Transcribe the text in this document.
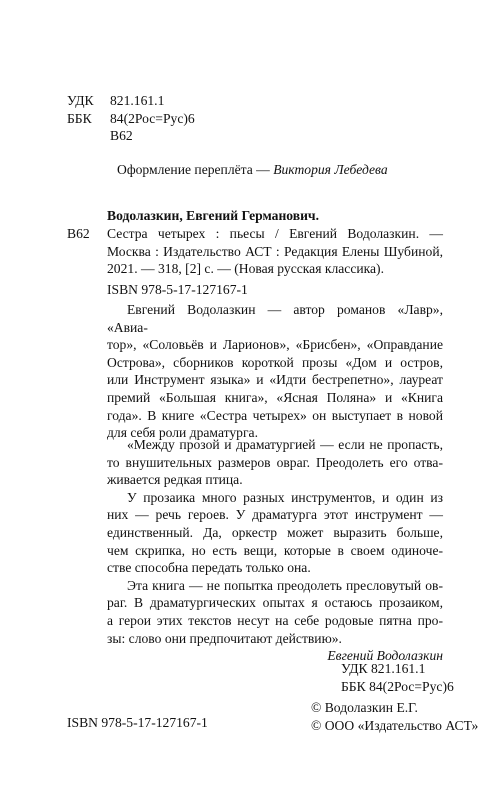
УДК 821.161.1
ББК 84(2Рос=Рус)6
В62
Оформление переплёта — Виктория Лебедева
Водолазкин, Евгений Германович.
В62 Сестра четырех : пьесы / Евгений Водолазкин. —
Москва : Издательство АСТ : Редакция Елены Шубиной,
2021. — 318, [2] с. — (Новая русская классика).
ISBN 978-5-17-127167-1
Евгений Водолазкин — автор романов «Лавр», «Авиа-
тор», «Соловьёв и Ларионов», «Брисбен», «Оправдание
Острова», сборников короткой прозы «Дом и остров,
или Инструмент языка» и «Идти бестрепетно», лауреат
премий «Большая книга», «Ясная Поляна» и «Книга
года». В книге «Сестра четырех» он выступает в новой
для себя роли драматурга.
«Между прозой и драматургией — если не пропасть,
то внушительных размеров овраг. Преодолеть его отва-
живается редкая птица.
У прозаика много разных инструментов, и один из
них — речь героев. У драматурга этот инструмент —
единственный. Да, оркестр может выразить больше,
чем скрипка, но есть вещи, которые в своем одиноче-
стве способна передать только она.
Эта книга — не попытка преодолеть пресловутый ов-
раг. В драматургических опытах я остаюсь прозаиком,
а герои этих текстов несут на себе родовые пятна про-
зы: слово они предпочитают действию».
Евгений Водолазкин
УДК 821.161.1
ББК 84(2Рос=Рус)6
ISBN 978-5-17-127167-1
© Водолазкин Е.Г.
© ООО «Издательство АСТ»
